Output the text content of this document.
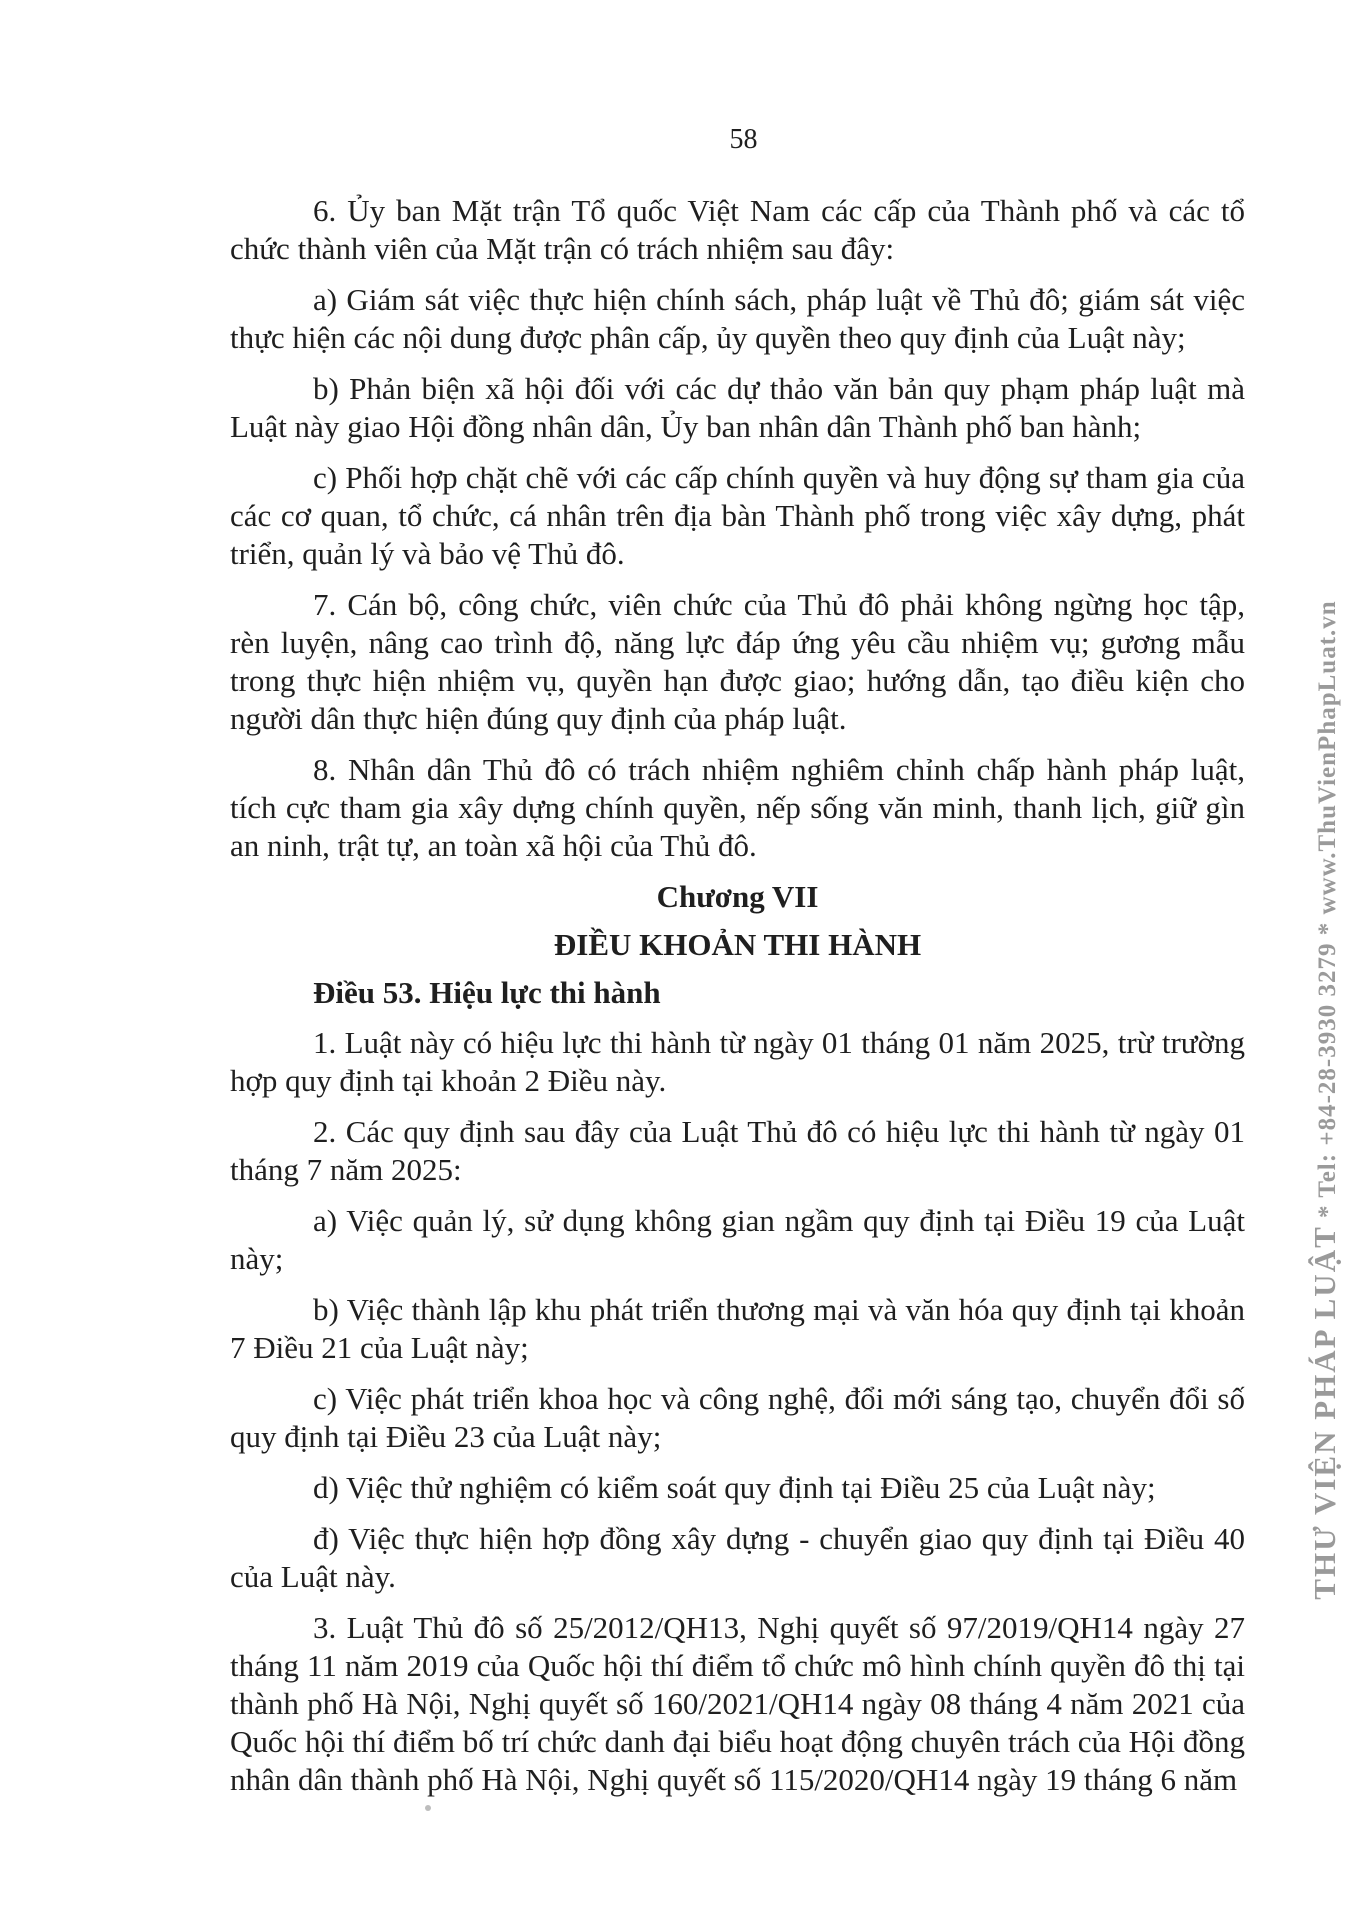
58

6. Ủy ban Mặt trận Tổ quốc Việt Nam các cấp của Thành phố và các tổ chức thành viên của Mặt trận có trách nhiệm sau đây:

a) Giám sát việc thực hiện chính sách, pháp luật về Thủ đô; giám sát việc thực hiện các nội dung được phân cấp, ủy quyền theo quy định của Luật này;

b) Phản biện xã hội đối với các dự thảo văn bản quy phạm pháp luật mà Luật này giao Hội đồng nhân dân, Ủy ban nhân dân Thành phố ban hành;

c) Phối hợp chặt chẽ với các cấp chính quyền và huy động sự tham gia của các cơ quan, tổ chức, cá nhân trên địa bàn Thành phố trong việc xây dựng, phát triển, quản lý và bảo vệ Thủ đô.

7. Cán bộ, công chức, viên chức của Thủ đô phải không ngừng học tập, rèn luyện, nâng cao trình độ, năng lực đáp ứng yêu cầu nhiệm vụ; gương mẫu trong thực hiện nhiệm vụ, quyền hạn được giao; hướng dẫn, tạo điều kiện cho người dân thực hiện đúng quy định của pháp luật.

8. Nhân dân Thủ đô có trách nhiệm nghiêm chỉnh chấp hành pháp luật, tích cực tham gia xây dựng chính quyền, nếp sống văn minh, thanh lịch, giữ gìn an ninh, trật tự, an toàn xã hội của Thủ đô.

Chương VII

ĐIỀU KHOẢN THI HÀNH

Điều 53. Hiệu lực thi hành

1. Luật này có hiệu lực thi hành từ ngày 01 tháng 01 năm 2025, trừ trường hợp quy định tại khoản 2 Điều này.

2. Các quy định sau đây của Luật Thủ đô có hiệu lực thi hành từ ngày 01 tháng 7 năm 2025:

a) Việc quản lý, sử dụng không gian ngầm quy định tại Điều 19 của Luật này;

b) Việc thành lập khu phát triển thương mại và văn hóa quy định tại khoản 7 Điều 21 của Luật này;

c) Việc phát triển khoa học và công nghệ, đổi mới sáng tạo, chuyển đổi số quy định tại Điều 23 của Luật này;

d) Việc thử nghiệm có kiểm soát quy định tại Điều 25 của Luật này;

đ) Việc thực hiện hợp đồng xây dựng - chuyển giao quy định tại Điều 40 của Luật này.

3. Luật Thủ đô số 25/2012/QH13, Nghị quyết số 97/2019/QH14 ngày 27 tháng 11 năm 2019 của Quốc hội thí điểm tổ chức mô hình chính quyền đô thị tại thành phố Hà Nội, Nghị quyết số 160/2021/QH14 ngày 08 tháng 4 năm 2021 của Quốc hội thí điểm bố trí chức danh đại biểu hoạt động chuyên trách của Hội đồng nhân dân thành phố Hà Nội, Nghị quyết số 115/2020/QH14 ngày 19 tháng 6 năm

THƯ VIỆN PHÁP LUẬT * Tel: +84-28-3930 3279 * www.ThuVienPhapLuat.vn
